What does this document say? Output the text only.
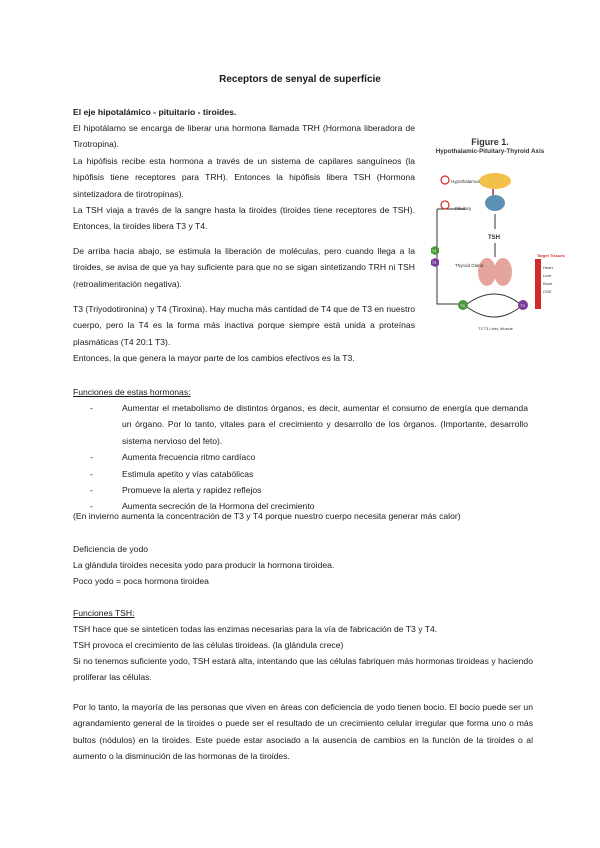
Receptors de senyal de superfície
El eje hipotalámico - pituitario - tiroides.
El hipotálamo se encarga de liberar una hormona llamada TRH (Hormona liberadora de Tirotropina).
La hipófisis recibe esta hormona a través de un sistema de capilares sanguíneos (la hipófisis tiene receptores para TRH). Entonces la hipófisis libera TSH (Hormona sintetizadora de tirotropinas).
La TSH viaja a través de la sangre hasta la tiroides (tiroides tiene receptores de TSH). Entonces, la tiroides libera T3 y T4.
De arriba hacia abajo, se estimula la liberación de moléculas, pero cuando llega a la tiroides, se avisa de que ya hay suficiente para que no se sigan sintetizando TRH ni TSH (retroalimentación negativa).
T3 (Triyodotironina) y T4 (Tiroxina). Hay mucha más cantidad de T4 que de T3 en nuestro cuerpo, pero la T4 es la forma más inactiva porque siempre está unida a proteínas plasmáticas (T4 20:1 T3).
Entonces, la que genera la mayor parte de los cambios efectivos es la T3.
Figure 1.
Hypothalamic-Pituitary-Thyroid Axis
Hypothalamus
Pituitary
TSH
Thyroid Gland
T4
T3
T4	T3
T3 T3 Liver, Muscle
Target Tissues
Heart
Liver
Bone
CNS
Funciones de estas hormonas:
-	Aumentar el metabolismo de distintos órganos, es decir, aumentar el consumo de energía que demanda un órgano. Por lo tanto, vitales para el crecimiento y desarrollo de los órganos. (Importante, desarrollo sistema nervioso del feto).
-	Aumenta frecuencia ritmo cardíaco
-	Estimula apetito y vías catabólicas
-	Promueve la alerta y rapidez reflejos
-	Aumenta secreción de la Hormona del crecimiento
(En invierno aumenta la concentración de T3 y T4 porque nuestro cuerpo necesita generar más calor)
Deficiencia de yodo
La glándula tiroides necesita yodo para producir la hormona tiroidea.
Poco yodo = poca hormona tiroidea
Funciones TSH:
TSH hace que se sinteticen todas las enzimas necesarias para la vía de fabricación de T3 y T4.
TSH provoca el crecimiento de las células tiroideas. (la glándula crece)
Si no tenemos suficiente yodo, TSH estará alta, intentando que las células fabriquen más hormonas tiroideas y haciendo proliferar las células.
Por lo tanto, la mayoría de las personas que viven en áreas con deficiencia de yodo tienen bocio. El bocio puede ser un agrandamiento general de la tiroides o puede ser el resultado de un crecimiento celular irregular que forma uno o más bultos (nódulos) en la tiroides. Este puede estar asociado a la ausencia de cambios en la función de la tiroides o al aumento o la disminución de las hormonas de la tiroides.
